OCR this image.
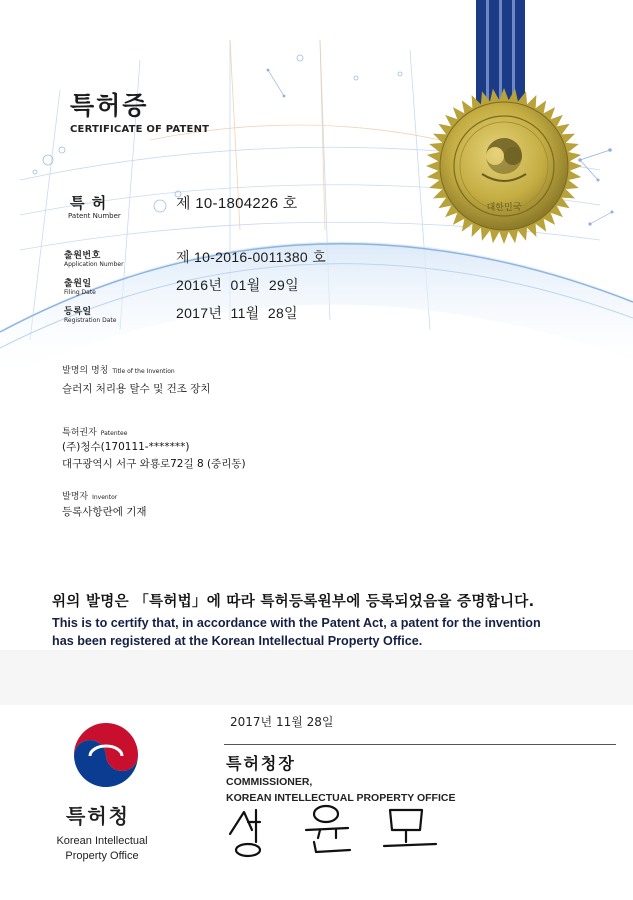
대한민국
특허증
CERTIFICATE OF PATENT
특 허
Patent Number
제 10-1804226 호
출원번호
Application Number	제 10-2016-0011380 호
출원일
Filing Date	2016년  01월  29일
등록일
Registration Date	2017년  11월  28일
발명의 명칭 Title of the Invention
슬러지 처리용 탈수 및 건조 장치
특허권자 Patentee
(주)청수(170111-*******)
대구광역시 서구 와룡로72길 8 (중리동)
발명자 Inventor
등록사항란에 기재
위의 발명은 「특허법」에 따라 특허등록원부에 등록되었음을 증명합니다.
This is to certify that, in accordance with the Patent Act, a patent for the invention
has been registered at the Korean Intellectual Property Office.
2017년 11월 28일
특허청장
COMMISSIONER,
KOREAN INTELLECTUAL PROPERTY OFFICE
특허청
Korean Intellectual
Property Office
